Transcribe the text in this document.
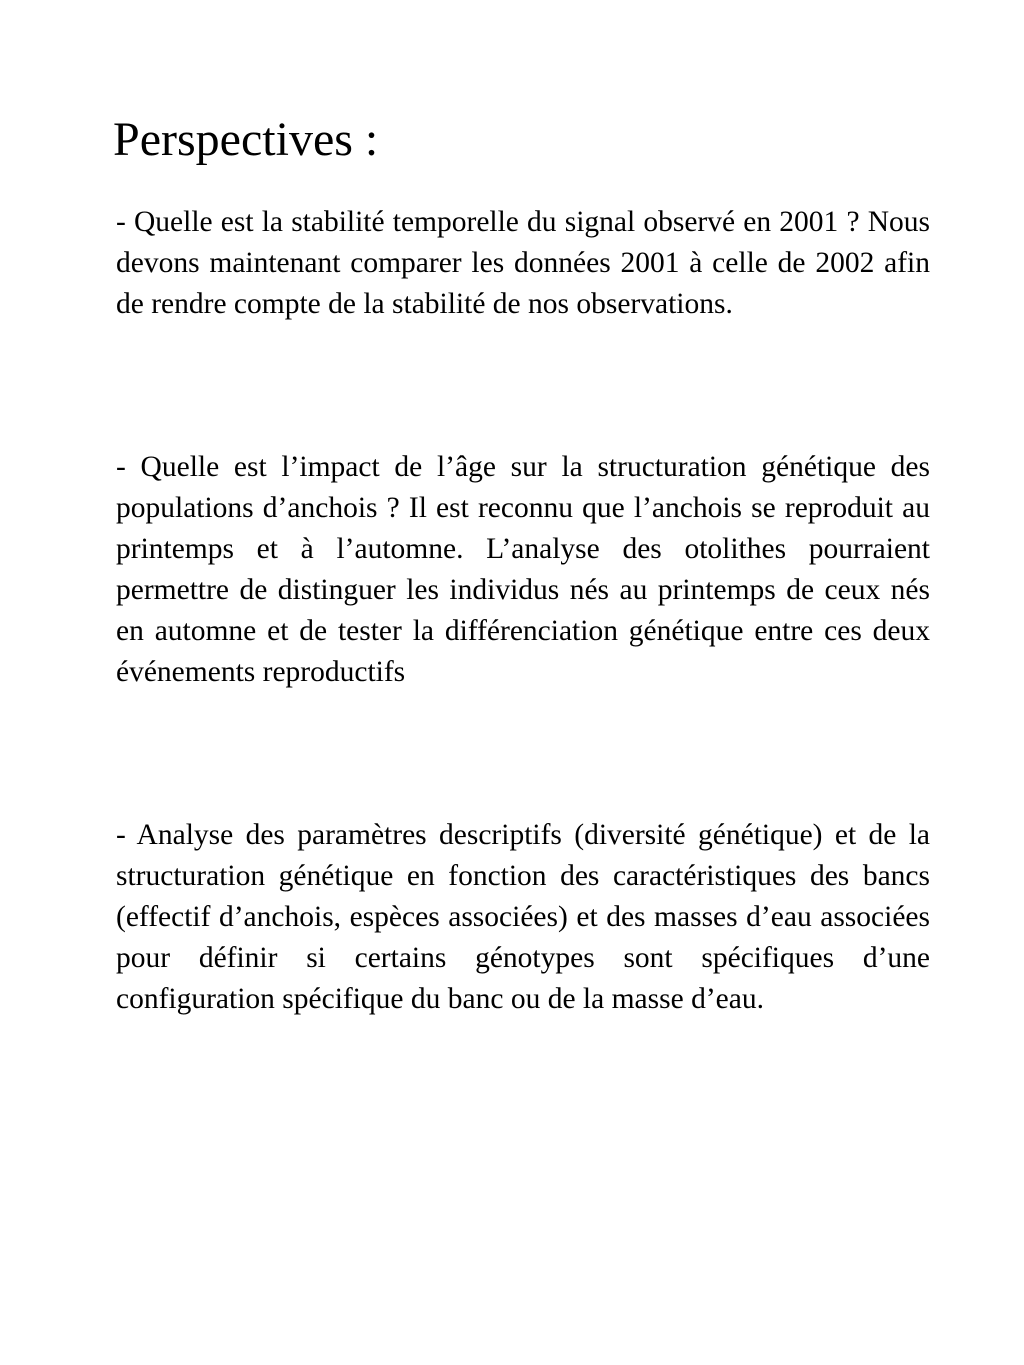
Perspectives :

- Quelle est la stabilité temporelle du signal observé en 2001 ? Nous devons maintenant comparer les données 2001 à celle de 2002 afin de rendre compte de la stabilité de nos observations.

- Quelle est l’impact de l’âge sur la structuration génétique des populations d’anchois ? Il est reconnu que l’anchois se reproduit au printemps et à l’automne. L’analyse des otolithes pourraient permettre de distinguer les individus nés au printemps de ceux nés en automne et de tester la différenciation génétique entre ces deux événements reproductifs

- Analyse des paramètres descriptifs (diversité génétique) et de la structuration génétique en fonction des caractéristiques des bancs (effectif d’anchois, espèces associées) et des masses d’eau associées pour définir si certains génotypes sont spécifiques d’une configuration spécifique du banc ou de la masse d’eau.
